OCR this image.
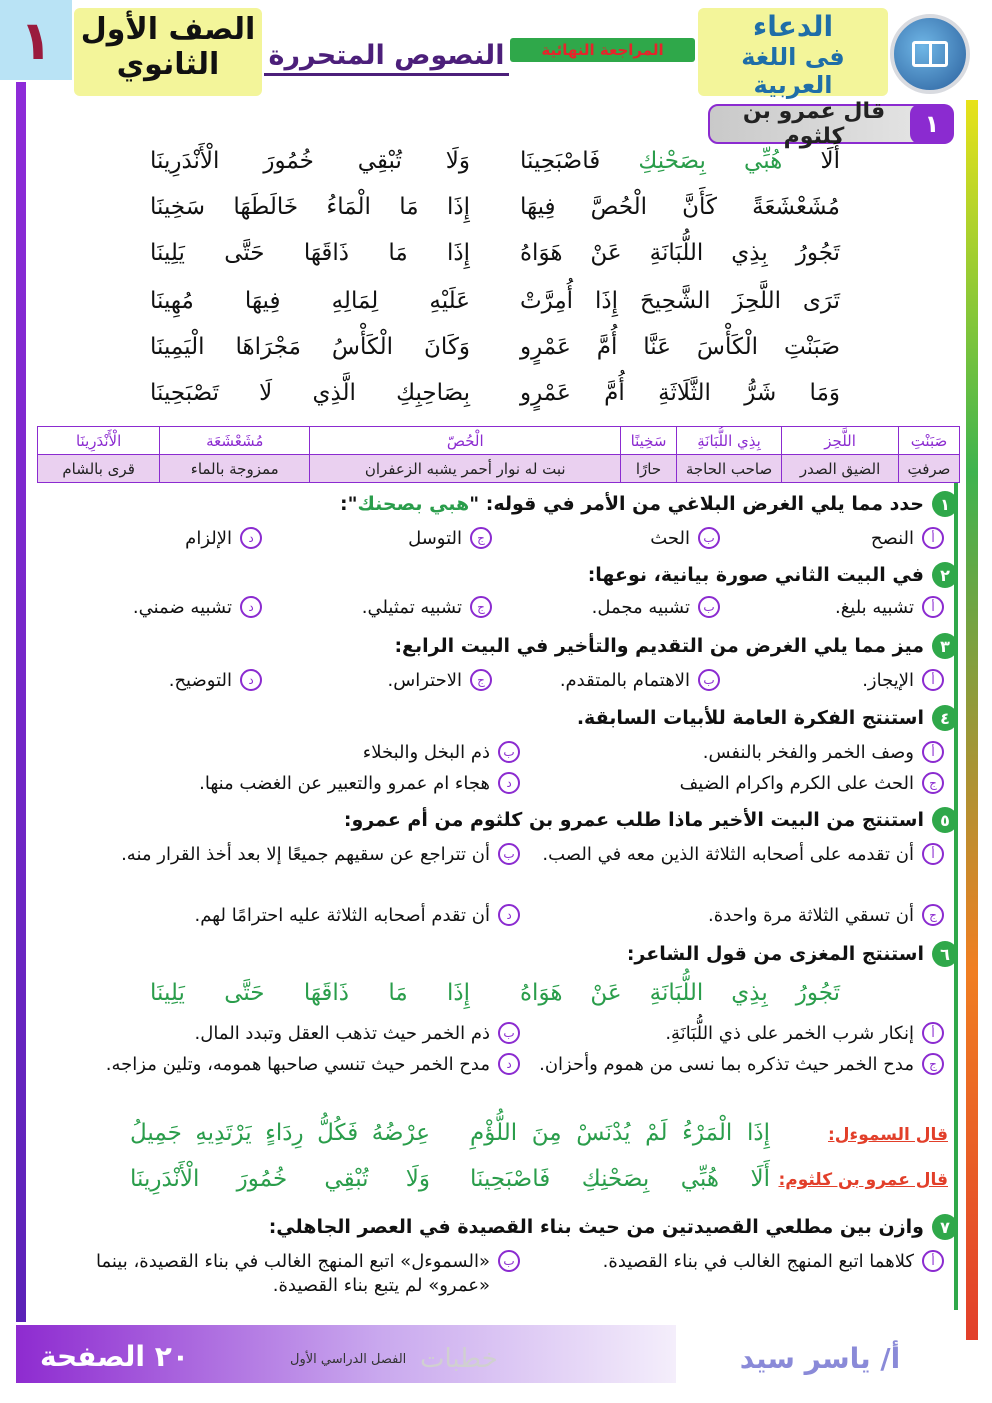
١ الصف الأول
الثانوي	النصوص المتحررة	المراجعة النهائية
الدعاء
فى اللغة العربية
١
قال عمرو بن كلثوم
أَلَا هُبِّي بِصَحْنِكِ فَاصْبَحِينَا
وَلَا تُبْقِي خُمُورَ الْأَنْدَرِينَا
مُشَعْشَعَةً كَأَنَّ الْحُصَّ فِيهَا
إِذَا مَا الْمَاءُ خَالَطَهَا سَخِينَا
تَجُورُ بِذِي اللُّبَانَةِ عَنْ هَوَاهُ
إِذَا مَا ذَاقَهَا حَتَّى يَلِينَا
تَرَى اللَّحِزَ الشَّحِيحَ إِذَا أُمِرَّتْ
عَلَيْهِ لِمَالِهِ فِيهَا مُهِينَا
صَبَنْتِ الْكَأْسَ عَنَّا أُمَّ عَمْرٍو
وَكَانَ الْكَأْسُ مَجْرَاهَا الْيَمِينَا
وَمَا شَرُّ الثَّلَاثَةِ أُمَّ عَمْرٍو
بِصَاحِبِكِ الَّذِي لَا تَصْبَحِينَا
صَبَنْتِ	اللَّحِز	بِذِي اللُّبَانَةِ	سَخِينًا	الْحُصّ	مُشَعْشَعَة	الْأَنْدَرِينَا
صرفتِ	الضيق الصدر	صاحب الحاجة	حارًا	نبت له نوار أحمر يشبه الزعفران	ممزوجة بالماء	قرى بالشام
١
حدد مما يلي الغرض البلاغي من الأمر في قوله: "هبي بصحنك":
أ
النصح
ب
الحث
ج
التوسل
د
الإلزام
٢
في البيت الثاني صورة بيانية، نوعها:
أ
تشبيه بليغ.
ب
تشبيه مجمل.
ج
تشبيه تمثيلي.
د
تشبيه ضمني.
٣
ميز مما يلي الغرض من التقديم والتأخير في البيت الرابع:
أ
الإيجاز.
ب
الاهتمام بالمتقدم.
ج
الاحتراس.
د
التوضيح.
٤
استنتج الفكرة العامة للأبيات السابقة.
أ
وصف الخمر والفخر بالنفس.
ب
ذم البخل والبخلاء
ج
الحث على الكرم واكرام الضيف
د
هجاء ام عمرو والتعبير عن الغضب منها.
٥
استنتج من البيت الأخير ماذا طلب عمرو بن كلثوم من أم عمرو:
أ
أن تقدمه على أصحابه الثلاثة الذين معه في الصب.
ب
أن تتراجع عن سقيهم جميعًا إلا بعد أخذ القرار منه.
ج
أن تسقي الثلاثة مرة واحدة.
د
أن تقدم أصحابه الثلاثة عليه احترامًا لهم.
٦
استنتج المغزى من قول الشاعر:
تَجُورُ بِذِي اللُّبَانَةِ عَنْ هَوَاهُ
إِذَا مَا ذَاقَهَا حَتَّى يَلِينَا
أ
إنكار شرب الخمر على ذي اللُّبَانَةِ.
ب
ذم الخمر حيث تذهب العقل وتبدد المال.
ج
مدح الخمر حيث تذكره بما نسى من هموم وأحزان.
د
مدح الخمر حيث تنسي صاحبها همومه، وتلين مزاجه.
قال السموءل:
إِذَا الْمَرْءُ لَمْ يُدْنَسْ مِنَ اللُّؤْمِ
عِرْضُهُ فَكُلُّ رِدَاءٍ يَرْتَدِيهِ جَمِيلُ
قال عمرو بن كلثوم:
أَلَا هُبِّي بِصَحْنِكِ فَاصْبَحِينَا
وَلَا تُبْقِي خُمُورَ الْأَنْدَرِينَا
٧
وازن بين مطلعي القصيدتين من حيث بناء القصيدة في العصر الجاهلي:
أ
كلاهما اتبع المنهج الغالب في بناء القصيدة.
ب
«السموءل» اتبع المنهج الغالب في بناء القصيدة، بينما «عمرو» لم يتبع بناء القصيدة.
٢٠ الصفحة	الفصل الدراسي الأول خطبات	أ/ ياسر سيد
